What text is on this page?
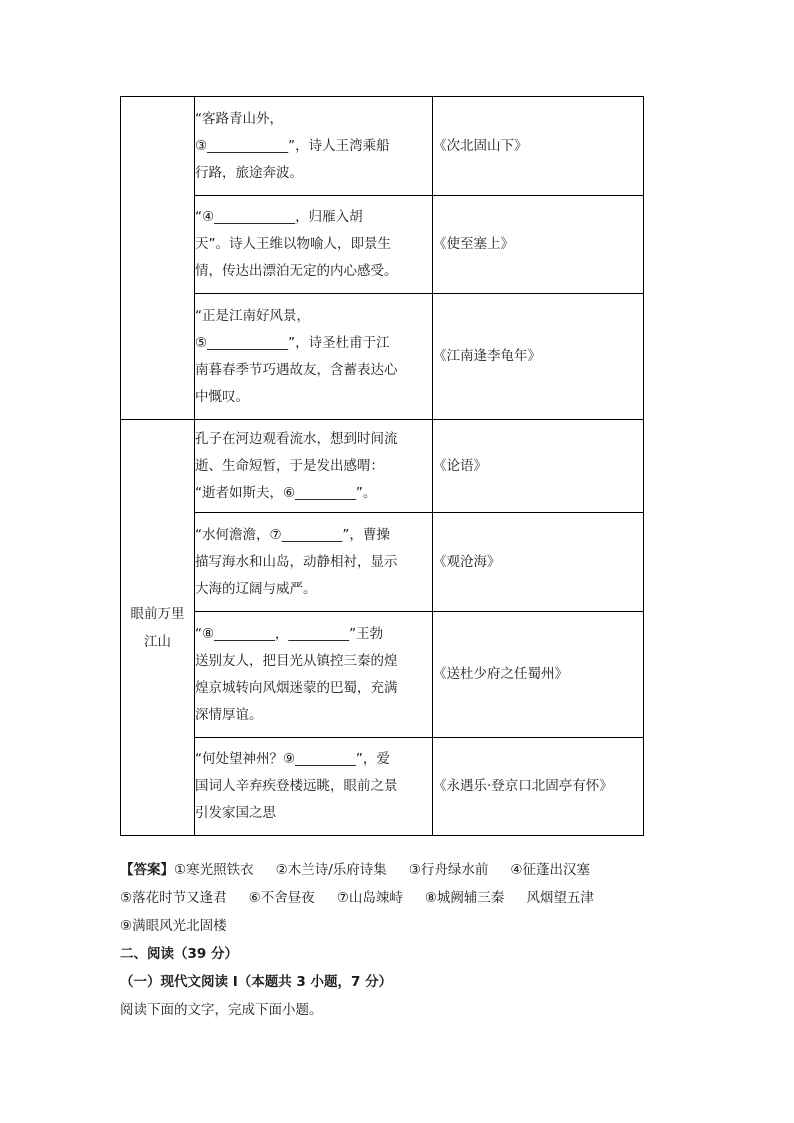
	“客路青山外，
③____________”，诗人王湾乘船
行路，旅途奔波。	《次北固山下》

	“④____________，归雁入胡
天”。诗人王维以物喻人，即景生
情，传达出漂泊无定的内心感受。	《使至塞上》

	“正是江南好风景，
⑤____________”，诗圣杜甫于江
南暮春季节巧遇故友，含蓄表达心
中慨叹。	《江南逢李龟年》
眼前万里江山	孔子在河边观看流水，想到时间流
逝、生命短暂，于是发出感喟：
“逝者如斯夫，⑥_________”。	《论语》

	“水何澹澹，⑦_________”，曹操
描写海水和山岛，动静相衬，显示
大海的辽阔与威严。	《观沧海》

	“⑧_________，_________”王勃
送别友人，把目光从镇控三秦的煌
煌京城转向风烟迷蒙的巴蜀，充满
深情厚谊。	《送杜少府之任蜀州》

	“何处望神州？⑨_________”，爱
国词人辛弃疾登楼远眺，眼前之景
引发家国之思	《永遇乐·登京口北固亭有怀》
【答案】①寒光照铁衣 ②木兰诗/乐府诗集 ③行舟绿水前 ④征蓬出汉塞
⑤落花时节又逢君 ⑥不舍昼夜 ⑦山岛竦峙 ⑧城阙辅三秦 风烟望五津
⑨满眼风光北固楼
二、阅读（39 分）
（一）现代文阅读 I（本题共 3 小题，7 分）
阅读下面的文字，完成下面小题。
